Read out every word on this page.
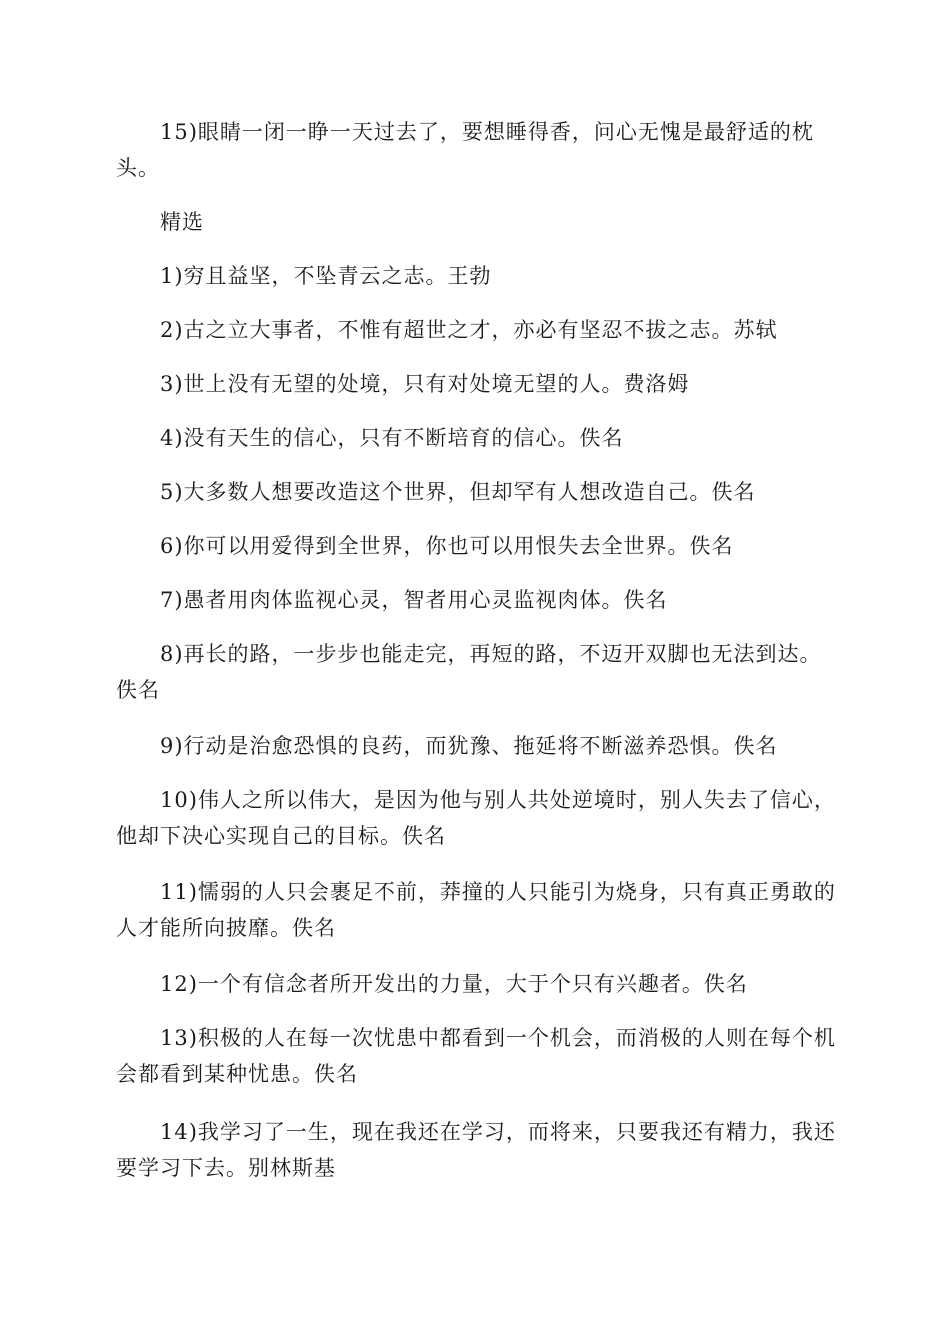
15)眼睛一闭一睁一天过去了，要想睡得香，问心无愧是最舒适的枕头。

精选

1)穷且益坚，不坠青云之志。王勃

2)古之立大事者，不惟有超世之才，亦必有坚忍不拔之志。苏轼

3)世上没有无望的处境，只有对处境无望的人。费洛姆

4)没有天生的信心，只有不断培育的信心。佚名

5)大多数人想要改造这个世界，但却罕有人想改造自己。佚名

6)你可以用爱得到全世界，你也可以用恨失去全世界。佚名

7)愚者用肉体监视心灵，智者用心灵监视肉体。佚名

8)再长的路，一步步也能走完，再短的路，不迈开双脚也无法到达。佚名

9)行动是治愈恐惧的良药，而犹豫、拖延将不断滋养恐惧。佚名

10)伟人之所以伟大，是因为他与别人共处逆境时，别人失去了信心，他却下决心实现自己的目标。佚名

11)懦弱的人只会裹足不前，莽撞的人只能引为烧身，只有真正勇敢的人才能所向披靡。佚名

12)一个有信念者所开发出的力量，大于个只有兴趣者。佚名

13)积极的人在每一次忧患中都看到一个机会，而消极的人则在每个机会都看到某种忧患。佚名

14)我学习了一生，现在我还在学习，而将来，只要我还有精力，我还要学习下去。别林斯基
